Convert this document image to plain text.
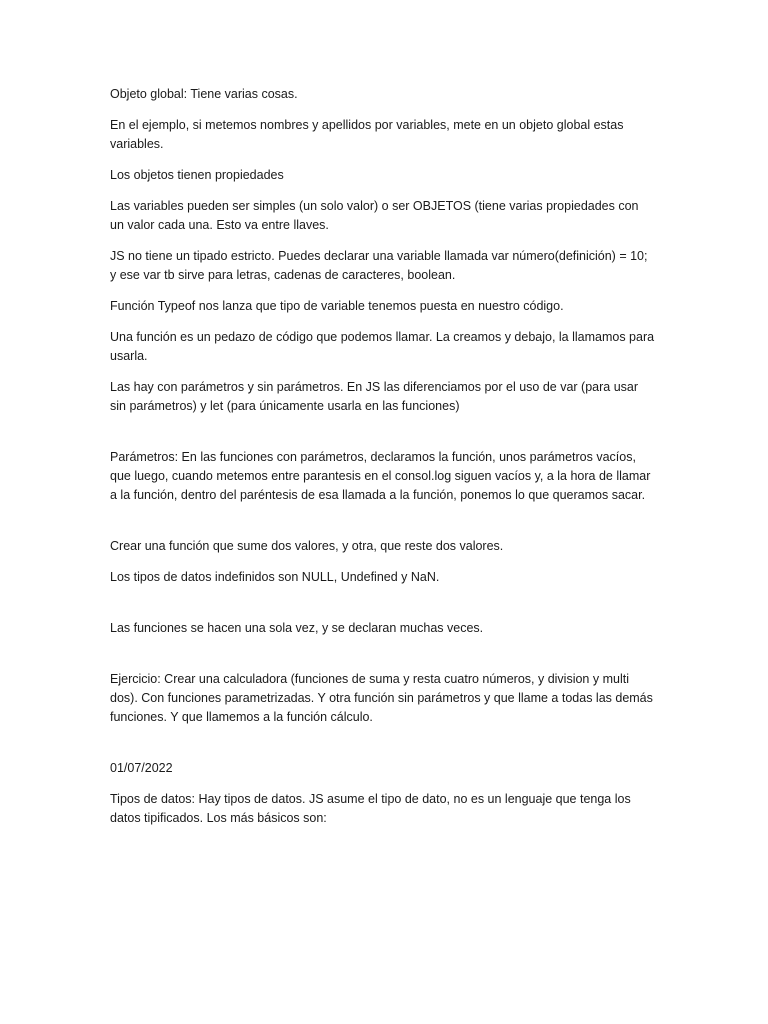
Objeto global: Tiene varias cosas.

En el ejemplo, si metemos nombres y apellidos por variables, mete en un objeto global estas variables.

Los objetos tienen propiedades

Las variables pueden ser simples (un solo valor) o ser OBJETOS (tiene varias propiedades con un valor cada una. Esto va entre llaves.

JS no tiene un tipado estricto. Puedes declarar una variable llamada var número(definición) = 10; y ese var tb sirve para letras, cadenas de caracteres, boolean.

Función Typeof nos lanza que tipo de variable tenemos puesta en nuestro código.

Una función es un pedazo de código que podemos llamar. La creamos y debajo, la llamamos para usarla.

Las hay con parámetros y sin parámetros. En JS las diferenciamos por el uso de var (para usar sin parámetros) y let (para únicamente usarla en las funciones)

Parámetros: En las funciones con parámetros, declaramos la función, unos parámetros vacíos, que luego, cuando metemos entre parantesis en el consol.log siguen vacíos y, a la hora de llamar a la función, dentro del paréntesis de esa llamada a la función, ponemos lo que queramos sacar.

Crear una función que sume dos valores, y otra, que reste dos valores.

Los tipos de datos indefinidos son NULL, Undefined y NaN.

Las funciones se hacen una sola vez, y se declaran muchas veces.

Ejercicio: Crear una calculadora (funciones de suma y resta cuatro números, y division y multi dos). Con funciones parametrizadas. Y otra función sin parámetros y que llame a todas las demás funciones. Y que llamemos a la función cálculo.

01/07/2022

Tipos de datos: Hay tipos de datos. JS asume el tipo de dato, no es un lenguaje que tenga los datos tipificados. Los más básicos son:
